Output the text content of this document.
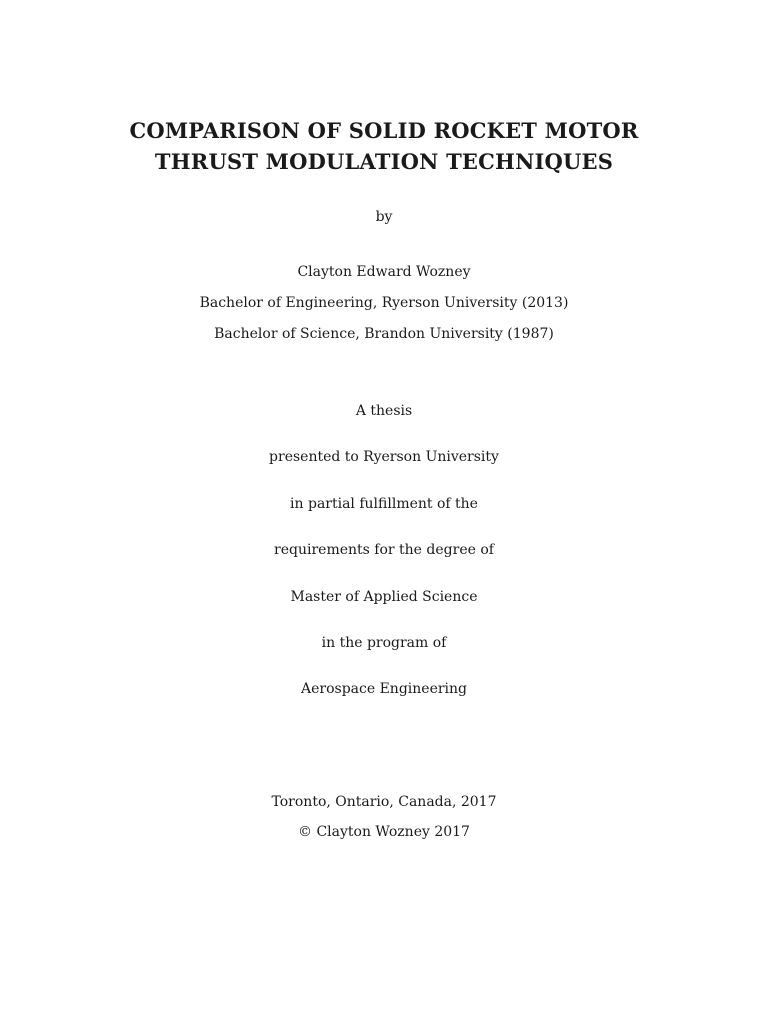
COMPARISON OF SOLID ROCKET MOTOR
THRUST MODULATION TECHNIQUES
by
Clayton Edward Wozney
Bachelor of Engineering, Ryerson University (2013)
Bachelor of Science, Brandon University (1987)
A thesis
presented to Ryerson University
in partial fulfillment of the
requirements for the degree of
Master of Applied Science
in the program of
Aerospace Engineering
Toronto, Ontario, Canada, 2017
© Clayton Wozney 2017
